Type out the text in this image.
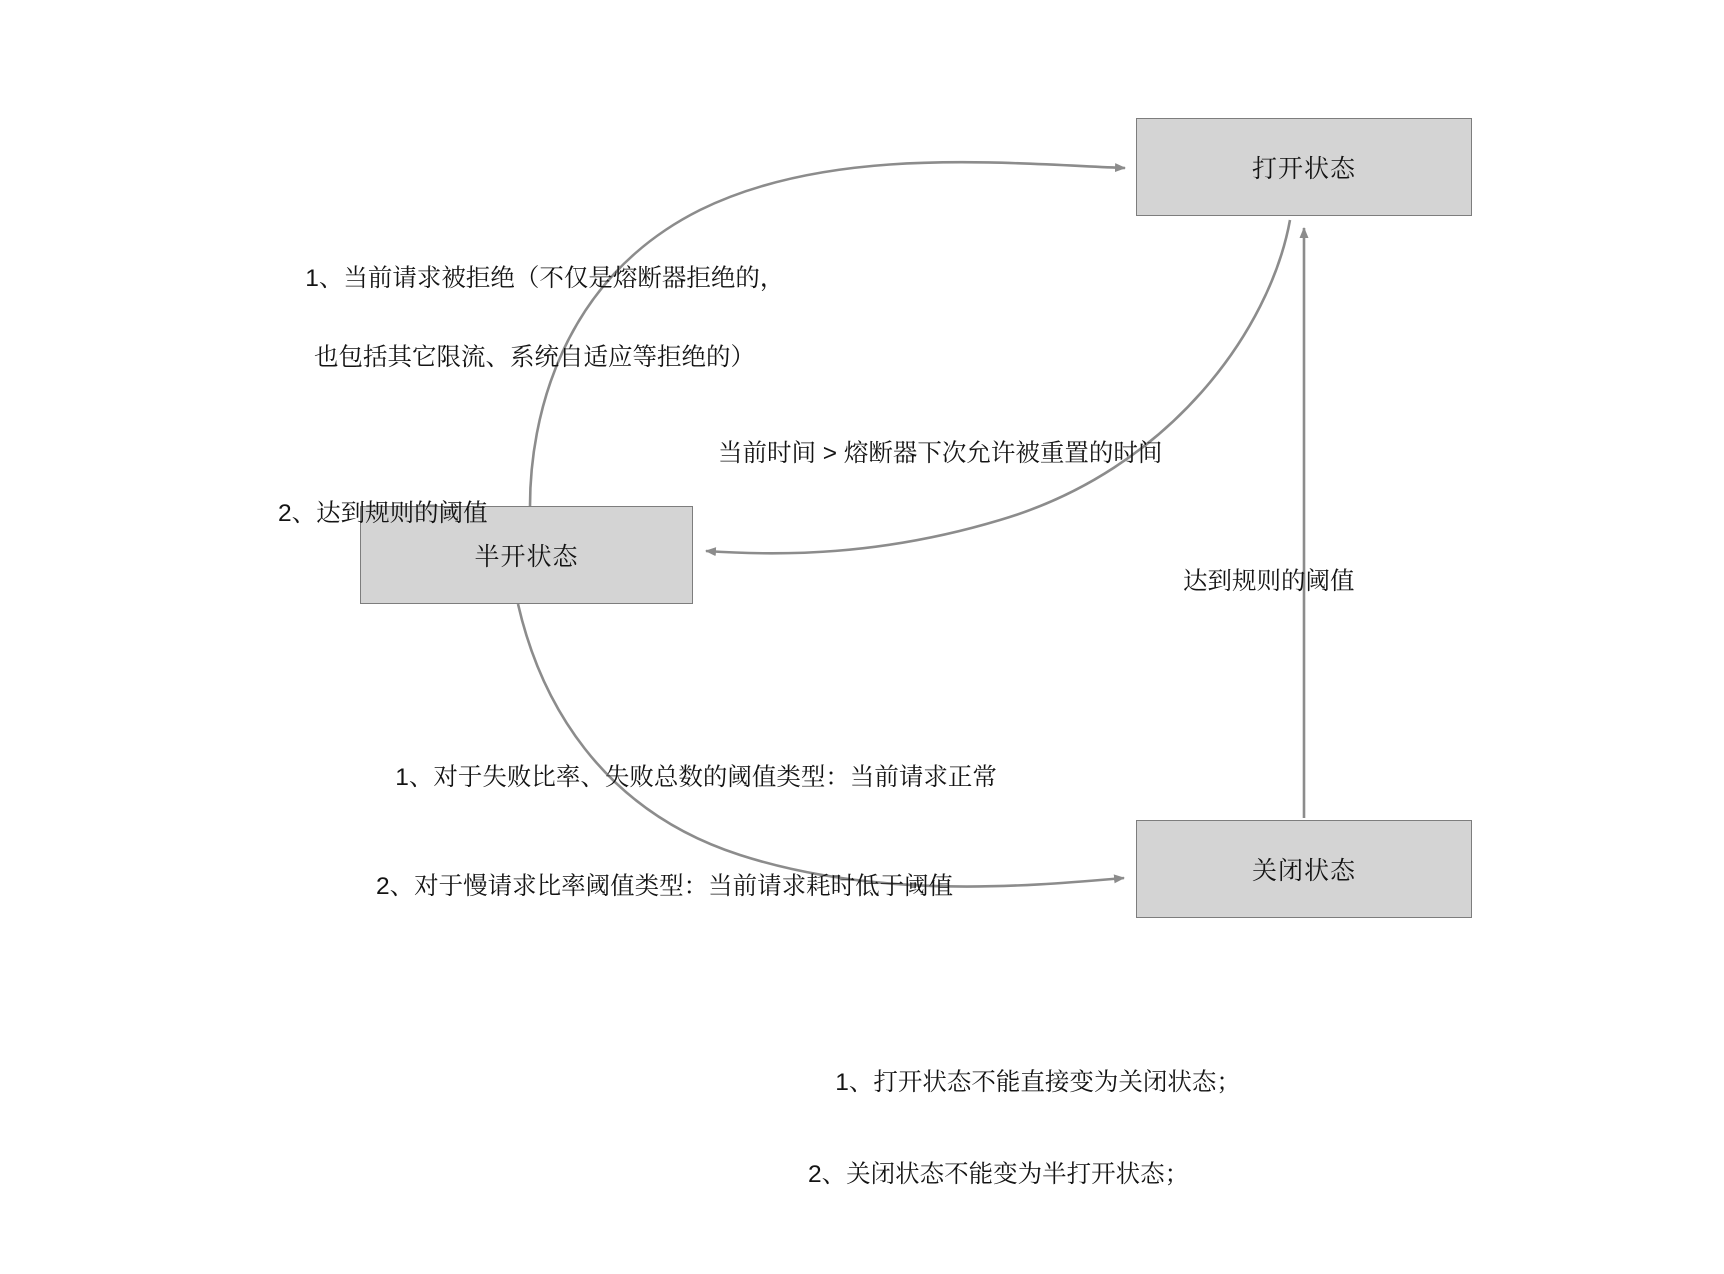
打开状态
半开状态
关闭状态

1、当前请求被拒绝（不仅是熔断器拒绝的，

也包括其它限流、系统自适应等拒绝的）

2、达到规则的阈值

当前时间 > 熔断器下次允许被重置的时间
达到规则的阈值

1、对于失败比率、失败总数的阈值类型：当前请求正常

2、对于慢请求比率阈值类型：当前请求耗时低于阈值

1、打开状态不能直接变为关闭状态；

2、关闭状态不能变为半打开状态；
